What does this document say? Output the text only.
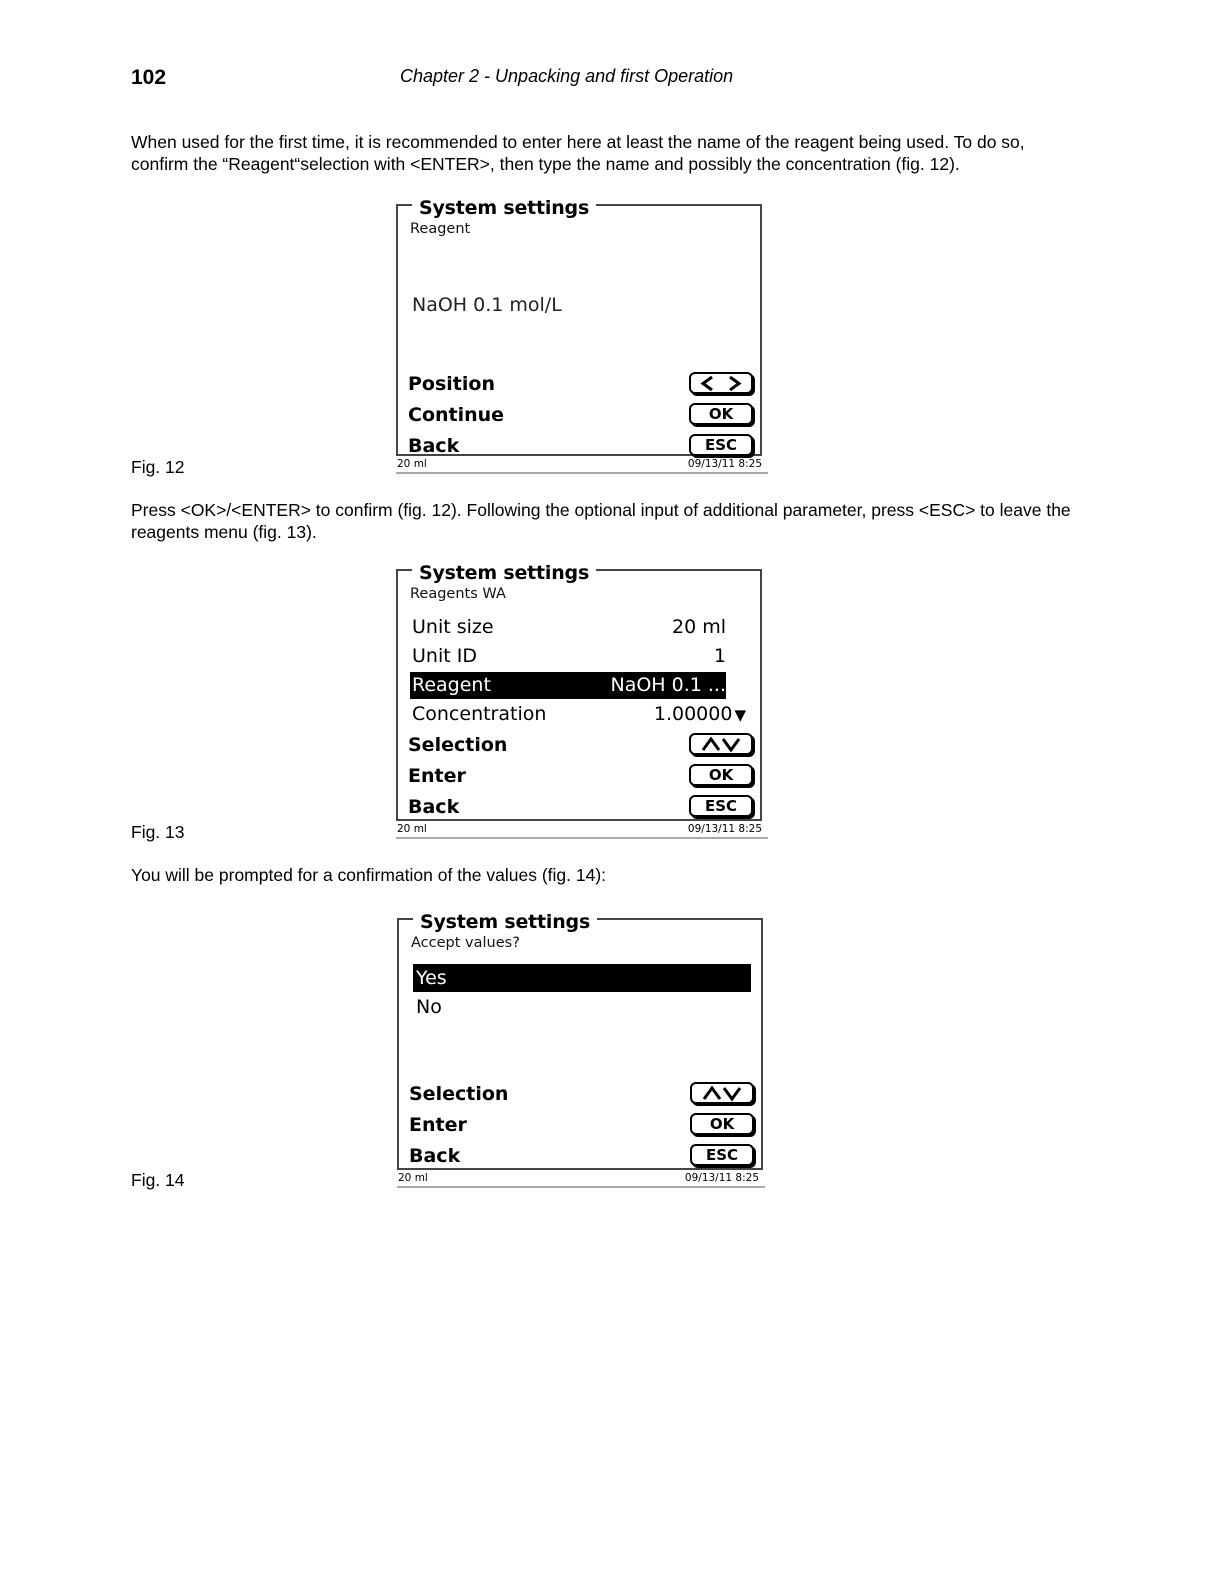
102	Chapter 2 - Unpacking and first Operation
When used for the first time, it is recommended to enter here at least the name of the reagent being used. To do so, confirm the “Reagent“selection with <ENTER>, then type the name and possibly the concentration (fig. 12).
System settings
Reagent
NaOH 0.1 mol/L
Position
Continue	OK
Back	ESC
20 ml	09/13/11 8:25
Fig. 12
Press <OK>/<ENTER> to confirm (fig. 12). Following the optional input of additional parameter, press <ESC> to leave the reagents menu (fig. 13).
System settings
Reagents WA
Unit size	20 ml
Unit ID	1
Reagent	NaOH 0.1 ...
Concentration	1.00000 ▼
Selection
Enter	OK
Back	ESC
20 ml	09/13/11 8:25
Fig. 13
You will be prompted for a confirmation of the values (fig. 14):
System settings
Accept values?
Yes
No
Selection
Enter	OK
Back	ESC
20 ml	09/13/11 8:25
Fig. 14
